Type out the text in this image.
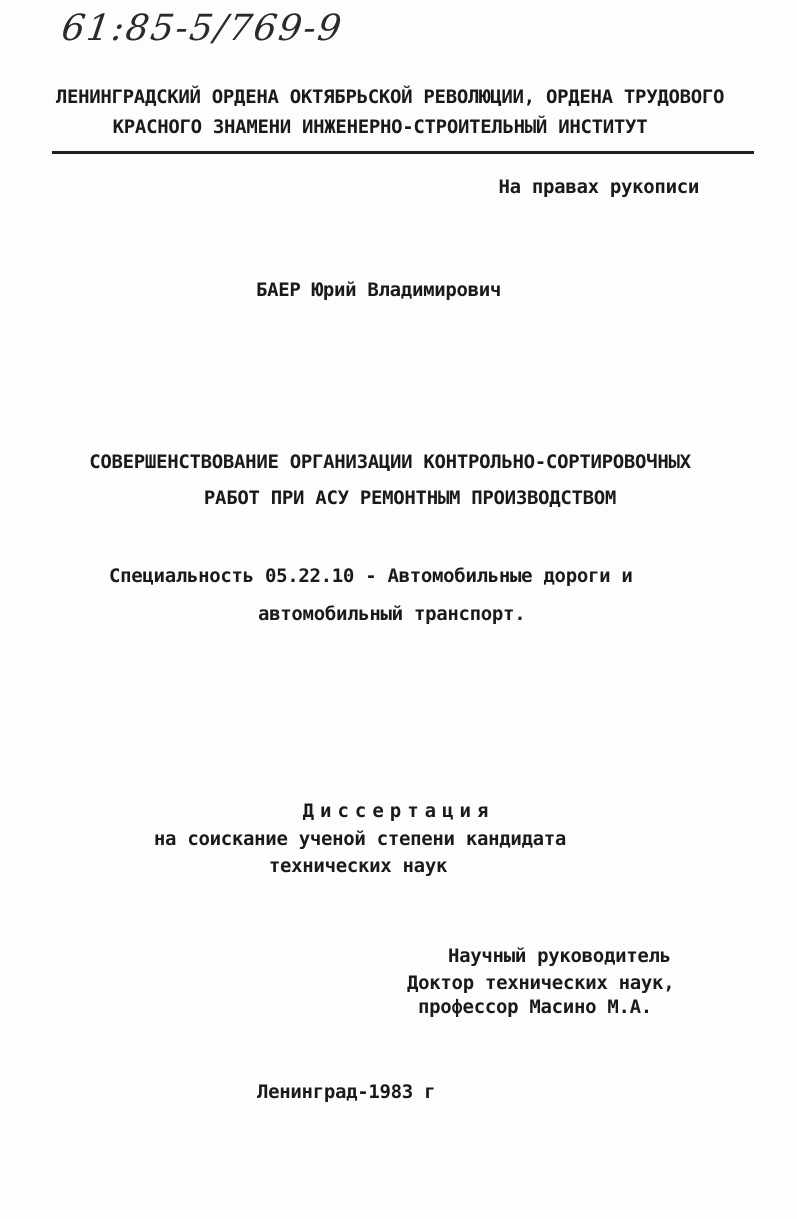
61:85-5/769-9
ЛЕНИНГРАДСКИЙ ОРДЕНА ОКТЯБРЬСКОЙ РЕВОЛЮЦИИ, ОРДЕНА ТРУДОВОГО
КРАСНОГО ЗНАМЕНИ ИНЖЕНЕРНО-СТРОИТЕЛЬНЫЙ ИНСТИТУТ
На правах рукописи
БАЕР Юрий Владимирович
СОВЕРШЕНСТВОВАНИЕ ОРГАНИЗАЦИИ КОНТРОЛЬНО-СОРТИРОВОЧНЫХ
РАБОТ ПРИ АСУ РЕМОНТНЫМ ПРОИЗВОДСТВОМ
Специальность 05.22.10 - Автомобильные дороги и
автомобильный транспорт.
Диссертация
на соискание ученой степени кандидата
технических наук
Научный руководитель
Доктор технических наук,
профессор Масино М.А.
Ленинград-1983 г
